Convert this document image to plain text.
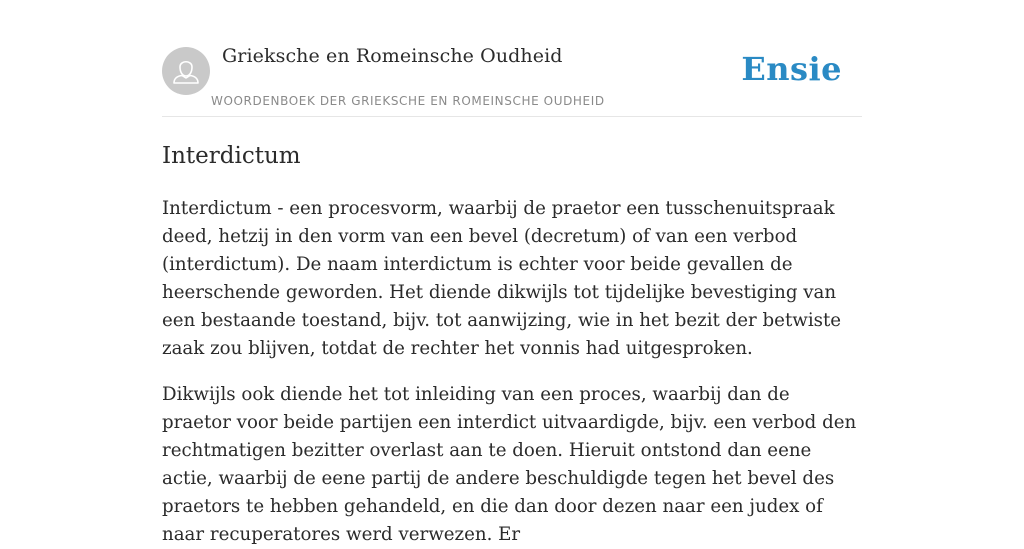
Grieksche en Romeinsche Oudheid
WOORDENBOEK DER GRIEKSCHE EN ROMEINSCHE OUDHEID
Ensie
Interdictum

Interdictum - een procesvorm, waarbij de praetor een tusschenuitspraak deed, hetzij in den vorm van een bevel (decretum) of van een verbod (interdictum). De naam interdictum is echter voor beide gevallen de heerschende geworden. Het diende dikwijls tot tijdelijke bevestiging van een bestaande toestand, bijv. tot aanwijzing, wie in het bezit der betwiste zaak zou blijven, totdat de rechter het vonnis had uitgesproken.

Dikwijls ook diende het tot inleiding van een proces, waarbij dan de praetor voor beide partijen een interdict uitvaardigde, bijv. een verbod den rechtmatigen bezitter overlast aan te doen. Hieruit ontstond dan eene actie, waarbij de eene partij de andere beschuldigde tegen het bevel des praetors te hebben gehandeld, en die dan door dezen naar een judex of naar recuperatores werd verwezen. Er
